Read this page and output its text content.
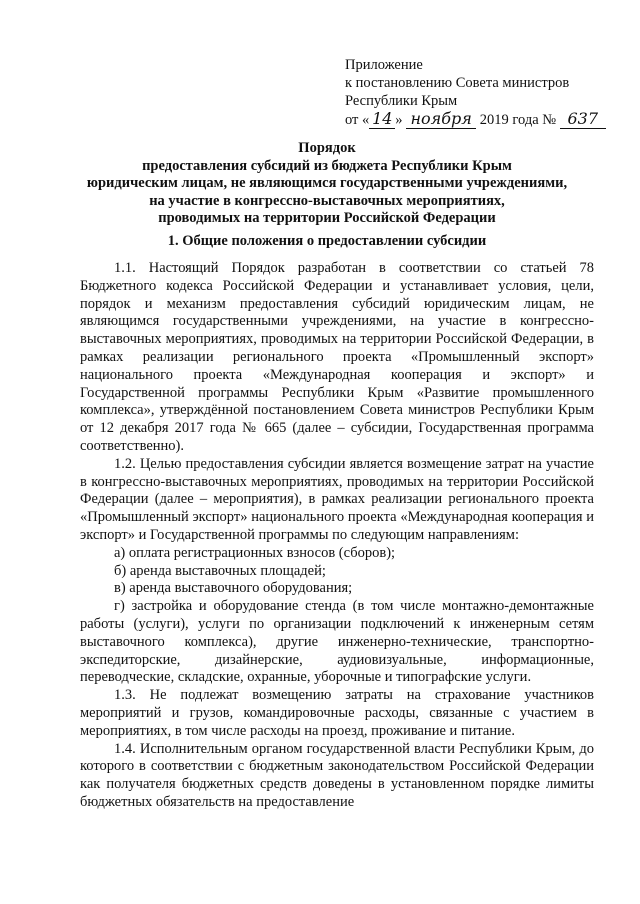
Приложение
к постановлению Совета министров
Республики Крым
от « 14 » ноября 2019 года № 637
Порядок
предоставления субсидий из бюджета Республики Крым
юридическим лицам, не являющимся государственными учреждениями,
на участие в конгрессно-выставочных мероприятиях,
проводимых на территории Российской Федерации
1. Общие положения о предоставлении субсидии

1.1. Настоящий Порядок разработан в соответствии со статьей 78 Бюджетного кодекса Российской Федерации и устанавливает условия, цели, порядок и механизм предоставления субсидий юридическим лицам, не являющимся государственными учреждениями, на участие в конгрессно-выставочных мероприятиях, проводимых на территории Российской Федерации, в рамках реализации регионального проекта «Промышленный экспорт» национального проекта «Международная кооперация и экспорт» и Государственной программы Республики Крым «Развитие промышленного комплекса», утверждённой постановлением Совета министров Республики Крым от 12 декабря 2017 года № 665 (далее – субсидии, Государственная программа соответственно).

1.2. Целью предоставления субсидии является возмещение затрат на участие в конгрессно-выставочных мероприятиях, проводимых на территории Российской Федерации (далее – мероприятия), в рамках реализации регионального проекта «Промышленный экспорт» национального проекта «Международная кооперация и экспорт» и Государственной программы по следующим направлениям:

а) оплата регистрационных взносов (сборов);

б) аренда выставочных площадей;

в) аренда выставочного оборудования;

г) застройка и оборудование стенда (в том числе монтажно-демонтажные работы (услуги), услуги по организации подключений к инженерным сетям выставочного комплекса), другие инженерно-технические, транспортно-экспедиторские, дизайнерские, аудиовизуальные, информационные, переводческие, складские, охранные, уборочные и типографские услуги.

1.3. Не подлежат возмещению затраты на страхование участников мероприятий и грузов, командировочные расходы, связанные с участием в мероприятиях, в том числе расходы на проезд, проживание и питание.

1.4. Исполнительным органом государственной власти Республики Крым, до которого в соответствии с бюджетным законодательством Российской Федерации как получателя бюджетных средств доведены в установленном порядке лимиты бюджетных обязательств на предоставление
